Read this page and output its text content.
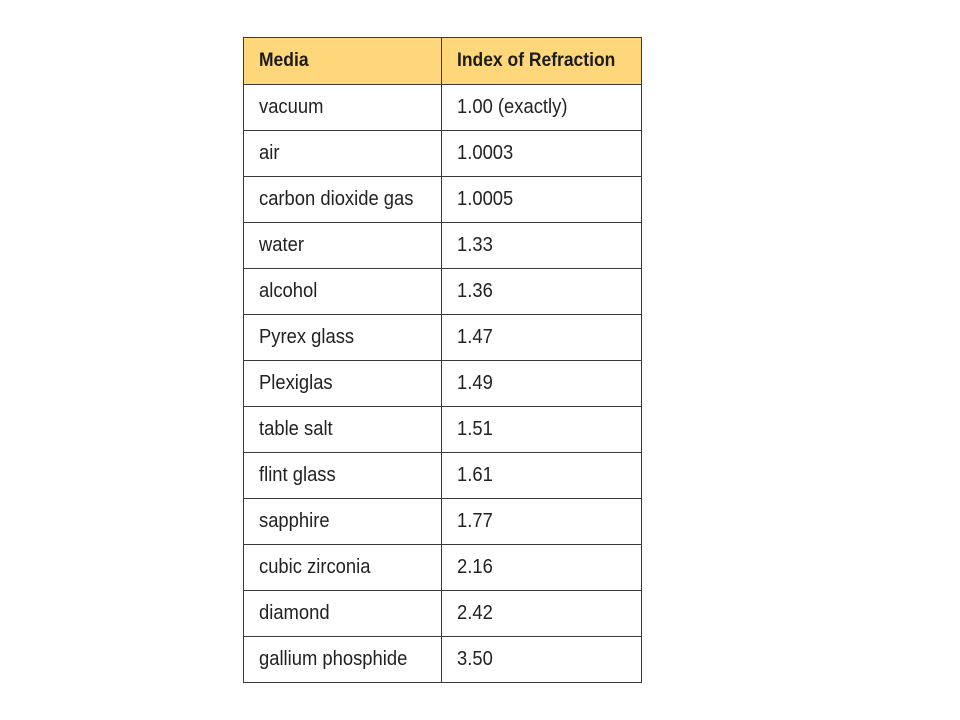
Media	Index of Refraction
vacuum	1.00 (exactly)
air	1.0003
carbon dioxide gas	1.0005
water	1.33
alcohol	1.36
Pyrex glass	1.47
Plexiglas	1.49
table salt	1.51
flint glass	1.61
sapphire	1.77
cubic zirconia	2.16
diamond	2.42
gallium phosphide	3.50
